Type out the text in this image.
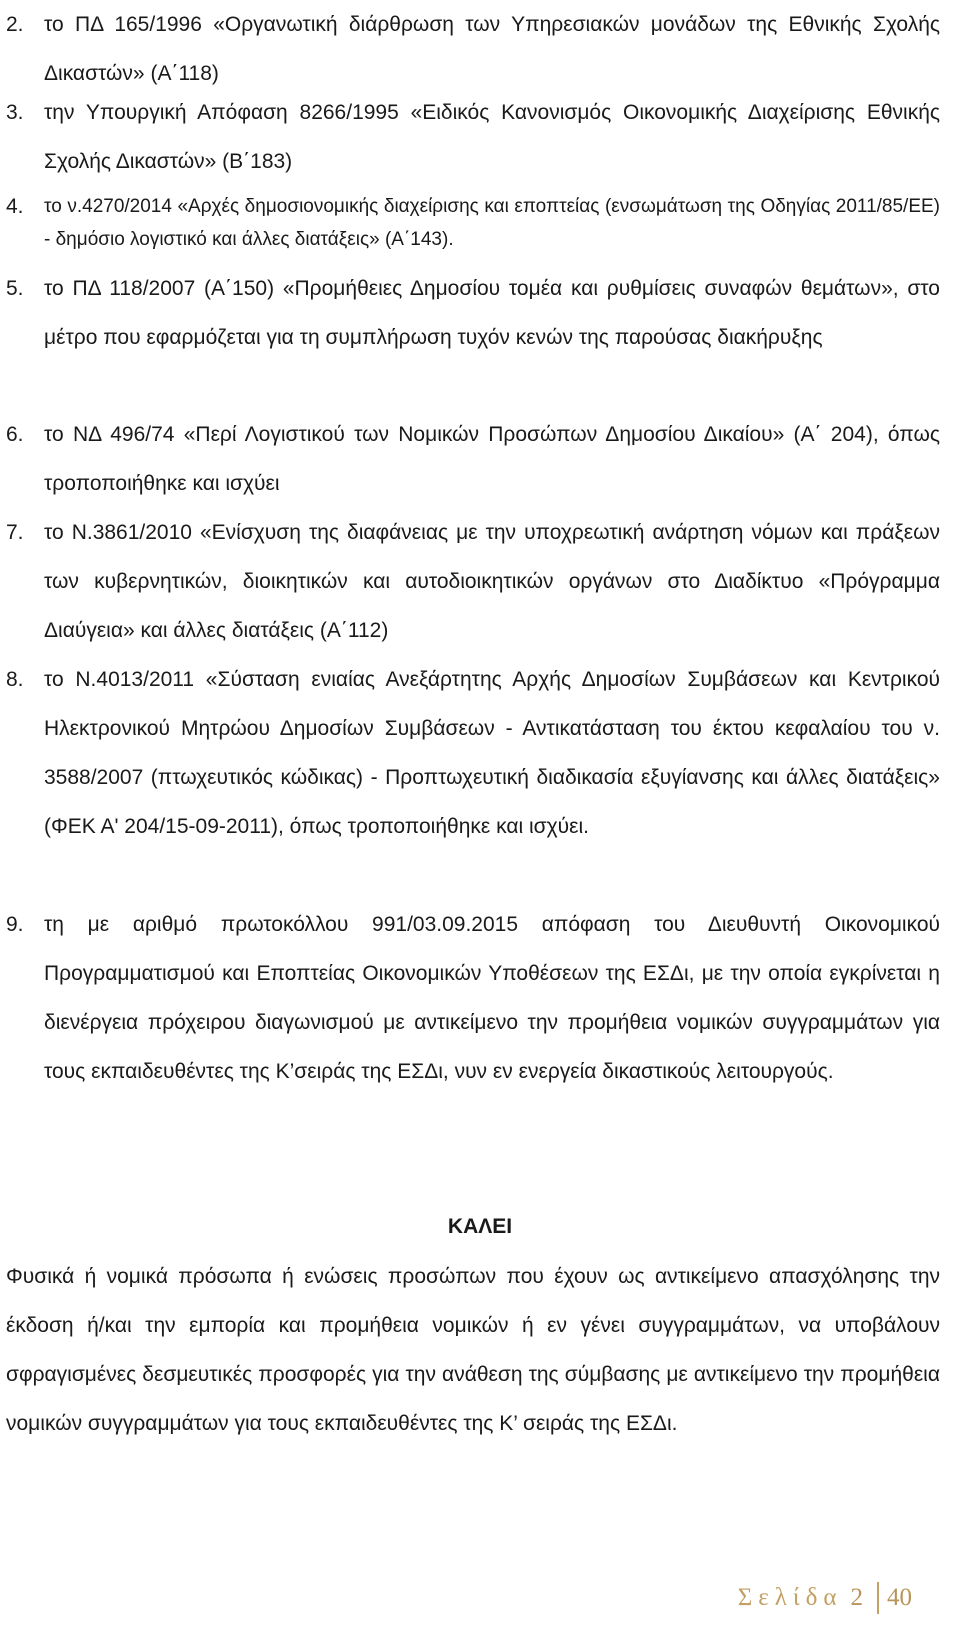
2. το ΠΔ 165/1996 «Οργανωτική διάρθρωση των Υπηρεσιακών μονάδων της Εθνικής Σχολής Δικαστών» (Α΄118)
3. την Υπουργική Απόφαση 8266/1995 «Ειδικός Κανονισμός Οικονομικής Διαχείρισης Εθνικής Σχολής Δικαστών» (Β΄183)
4.	το ν.4270/2014 «Αρχές δημοσιονομικής διαχείρισης και εποπτείας (ενσωμάτωση της Οδηγίας 2011/85/ΕΕ) - δημόσιο λογιστικό και άλλες διατάξεις» (Α΄143).
5. το ΠΔ 118/2007 (Α΄150) «Προμήθειες Δημοσίου τομέα και ρυθμίσεις συναφών θεμάτων», στο μέτρο που εφαρμόζεται για τη συμπλήρωση τυχόν κενών της παρούσας διακήρυξης
6. το ΝΔ 496/74 «Περί Λογιστικού των Νομικών Προσώπων Δημοσίου Δικαίου» (Α΄ 204), όπως τροποποιήθηκε και ισχύει
7. το Ν.3861/2010 «Ενίσχυση της διαφάνειας με την υποχρεωτική ανάρτηση νόμων και πράξεων των κυβερνητικών, διοικητικών και αυτοδιοικητικών οργάνων στο Διαδίκτυο «Πρόγραμμα Διαύγεια» και άλλες διατάξεις (Α΄112)
8. το Ν.4013/2011 «Σύσταση ενιαίας Ανεξάρτητης Αρχής Δημοσίων Συμβάσεων και Κεντρικού Ηλεκτρονικού Μητρώου Δημοσίων Συμβάσεων - Αντικατάσταση του έκτου κεφαλαίου του ν. 3588/2007 (πτωχευτικός κώδικας) - Προπτωχευτική διαδικασία εξυγίανσης και άλλες διατάξεις» (ΦΕΚ Α' 204/15-09-2011), όπως τροποποιήθηκε και ισχύει.
9. τη με αριθμό πρωτοκόλλου 991/03.09.2015 απόφαση του Διευθυντή Οικονομικού Προγραμματισμού και Εποπτείας Οικονομικών Υποθέσεων της ΕΣΔι, με την οποία εγκρίνεται η διενέργεια πρόχειρου διαγωνισμού με αντικείμενο την προμήθεια νομικών συγγραμμάτων για τους εκπαιδευθέντες της Κ’σειράς της ΕΣΔι, νυν εν ενεργεία δικαστικούς λειτουργούς.
ΚΑΛΕΙ
Φυσικά ή νομικά πρόσωπα ή ενώσεις προσώπων που έχουν ως αντικείμενο απασχόλησης την έκδοση ή/και την εμπορία και προμήθεια νομικών ή εν γένει συγγραμμάτων, να υποβάλουν σφραγισμένες δεσμευτικές προσφορές για την ανάθεση της σύμβασης με αντικείμενο την προμήθεια νομικών συγγραμμάτων για τους εκπαιδευθέντες της Κ’ σειράς της ΕΣΔι.
Σελίδα 2 40
